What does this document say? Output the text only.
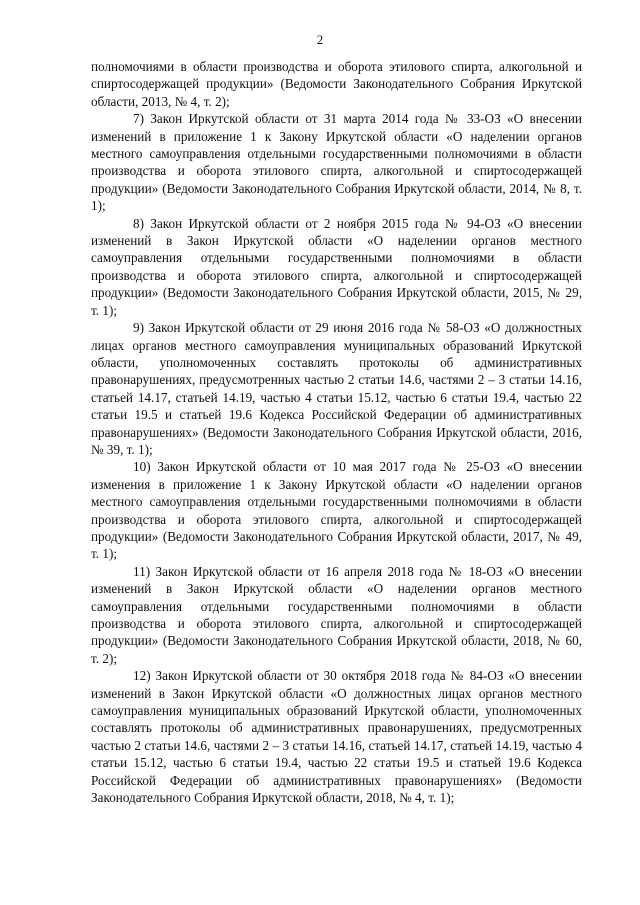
2

полномочиями в области производства и оборота этилового спирта, алкогольной и спиртосодержащей продукции» (Ведомости Законодательного Собрания Иркутской области, 2013, № 4, т. 2);

7) Закон Иркутской области от 31 марта 2014 года № 33-ОЗ «О внесении изменений в приложение 1 к Закону Иркутской области «О наделении органов местного самоуправления отдельными государственными полномочиями в области производства и оборота этилового спирта, алкогольной и спиртосодержащей продукции» (Ведомости Законодательного Собрания Иркутской области, 2014, № 8, т. 1);

8) Закон Иркутской области от 2 ноября 2015 года № 94-ОЗ «О внесении изменений в Закон Иркутской области «О наделении органов местного самоуправления отдельными государственными полномочиями в области производства и оборота этилового спирта, алкогольной и спиртосодержащей продукции» (Ведомости Законодательного Собрания Иркутской области, 2015, № 29, т. 1);

9) Закон Иркутской области от 29 июня 2016 года № 58-ОЗ «О должностных лицах органов местного самоуправления муниципальных образований Иркутской области, уполномоченных составлять протоколы об административных правонарушениях, предусмотренных частью 2 статьи 14.6, частями 2 – 3 статьи 14.16, статьей 14.17, статьей 14.19, частью 4 статьи 15.12, частью 6 статьи 19.4, частью 22 статьи 19.5 и статьей 19.6 Кодекса Российской Федерации об административных правонарушениях» (Ведомости Законодательного Собрания Иркутской области, 2016, № 39, т. 1);

10) Закон Иркутской области от 10 мая 2017 года № 25-ОЗ «О внесении изменения в приложение 1 к Закону Иркутской области «О наделении органов местного самоуправления отдельными государственными полномочиями в области производства и оборота этилового спирта, алкогольной и спиртосодержащей продукции» (Ведомости Законодательного Собрания Иркутской области, 2017, № 49, т. 1);

11) Закон Иркутской области от 16 апреля 2018 года № 18-ОЗ «О внесении изменений в Закон Иркутской области «О наделении органов местного самоуправления отдельными государственными полномочиями в области производства и оборота этилового спирта, алкогольной и спиртосодержащей продукции» (Ведомости Законодательного Собрания Иркутской области, 2018, № 60, т. 2);

12) Закон Иркутской области от 30 октября 2018 года № 84-ОЗ «О внесении изменений в Закон Иркутской области «О должностных лицах органов местного самоуправления муниципальных образований Иркутской области, уполномоченных составлять протоколы об административных правонарушениях, предусмотренных частью 2 статьи 14.6, частями 2 – 3 статьи 14.16, статьей 14.17, статьей 14.19, частью 4 статьи 15.12, частью 6 статьи 19.4, частью 22 статьи 19.5 и статьей 19.6 Кодекса Российской Федерации об административных правонарушениях» (Ведомости Законодательного Собрания Иркутской области, 2018, № 4, т. 1);
